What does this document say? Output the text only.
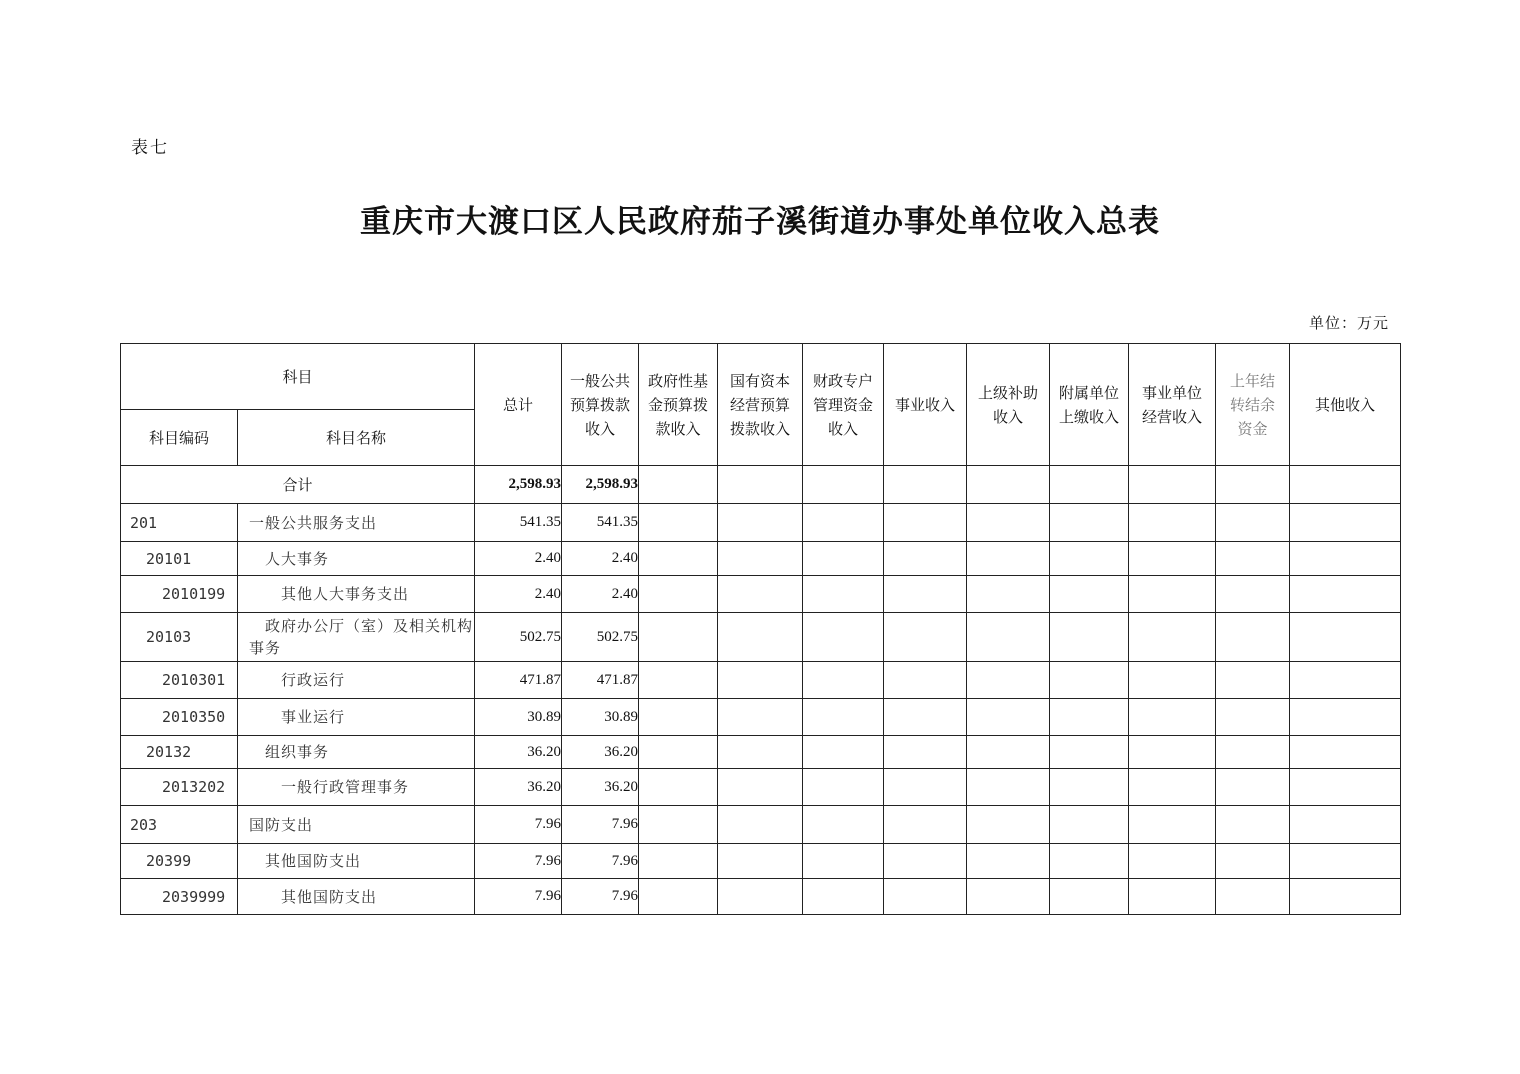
表七
重庆市大渡口区人民政府茄子溪街道办事处单位收入总表
单位：万元
科目		总计	一般公共预算拨款收入	政府性基金预算拨款收入	国有资本经营预算拨款收入	财政专户管理资金收入	事业收入	上级补助收入	附属单位上缴收入	事业单位经营收入	上年结转结余资金	其他收入
科目编码	科目名称											
合计		2,598.93	2,598.93									
201	一般公共服务支出	541.35	541.35									
20101	人大事务	2.40	2.40									
2010199	其他人大事务支出	2.40	2.40									
20103	政府办公厅（室）及相关机构事务	502.75	502.75									
2010301	行政运行	471.87	471.87									
2010350	事业运行	30.89	30.89									
20132	组织事务	36.20	36.20									
2013202	一般行政管理事务	36.20	36.20									
203	国防支出	7.96	7.96									
20399	其他国防支出	7.96	7.96									
2039999	其他国防支出	7.96	7.96									
